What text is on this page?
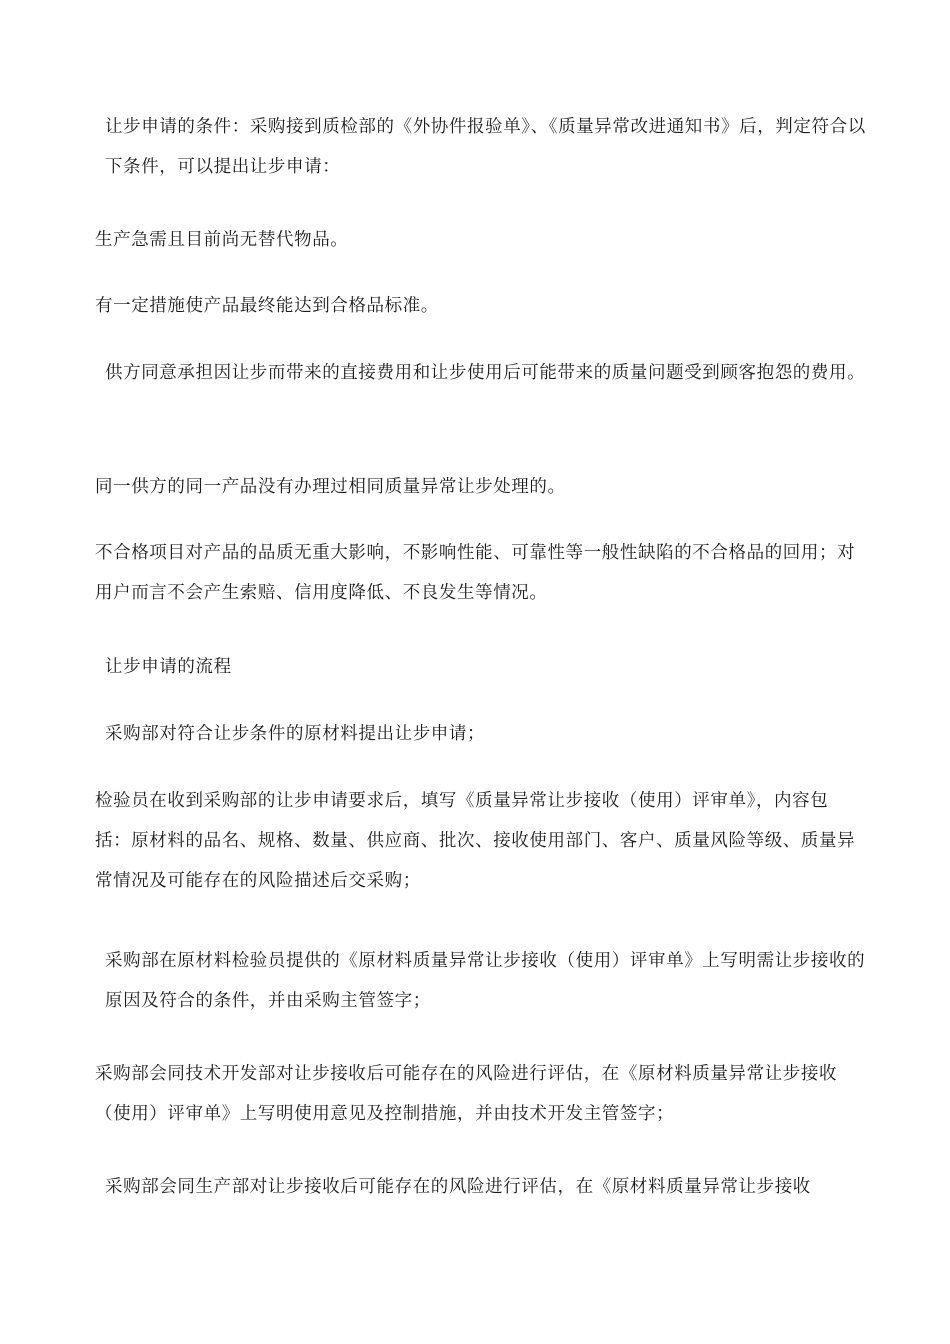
让步申请的条件：采购接到质检部的《外协件报验单》、《质量异常改进通知书》后，判定符合以下条件，可以提出让步申请：

生产急需且目前尚无替代物品。

有一定措施使产品最终能达到合格品标准。

供方同意承担因让步而带来的直接费用和让步使用后可能带来的质量问题受到顾客抱怨的费用。

同一供方的同一产品没有办理过相同质量异常让步处理的。

不合格项目对产品的品质无重大影响，不影响性能、可靠性等一般性缺陷的不合格品的回用；对用户而言不会产生索赔、信用度降低、不良发生等情况。

让步申请的流程

采购部对符合让步条件的原材料提出让步申请；

检验员在收到采购部的让步申请要求后，填写《质量异常让步接收（使用）评审单》，内容包括：原材料的品名、规格、数量、供应商、批次、接收使用部门、客户、质量风险等级、质量异常情况及可能存在的风险描述后交采购；

采购部在原材料检验员提供的《原材料质量异常让步接收（使用）评审单》上写明需让步接收的原因及符合的条件，并由采购主管签字；

采购部会同技术开发部对让步接收后可能存在的风险进行评估，在《原材料质量异常让步接收（使用）评审单》上写明使用意见及控制措施，并由技术开发主管签字；

采购部会同生产部对让步接收后可能存在的风险进行评估，在《原材料质量异常让步接收
